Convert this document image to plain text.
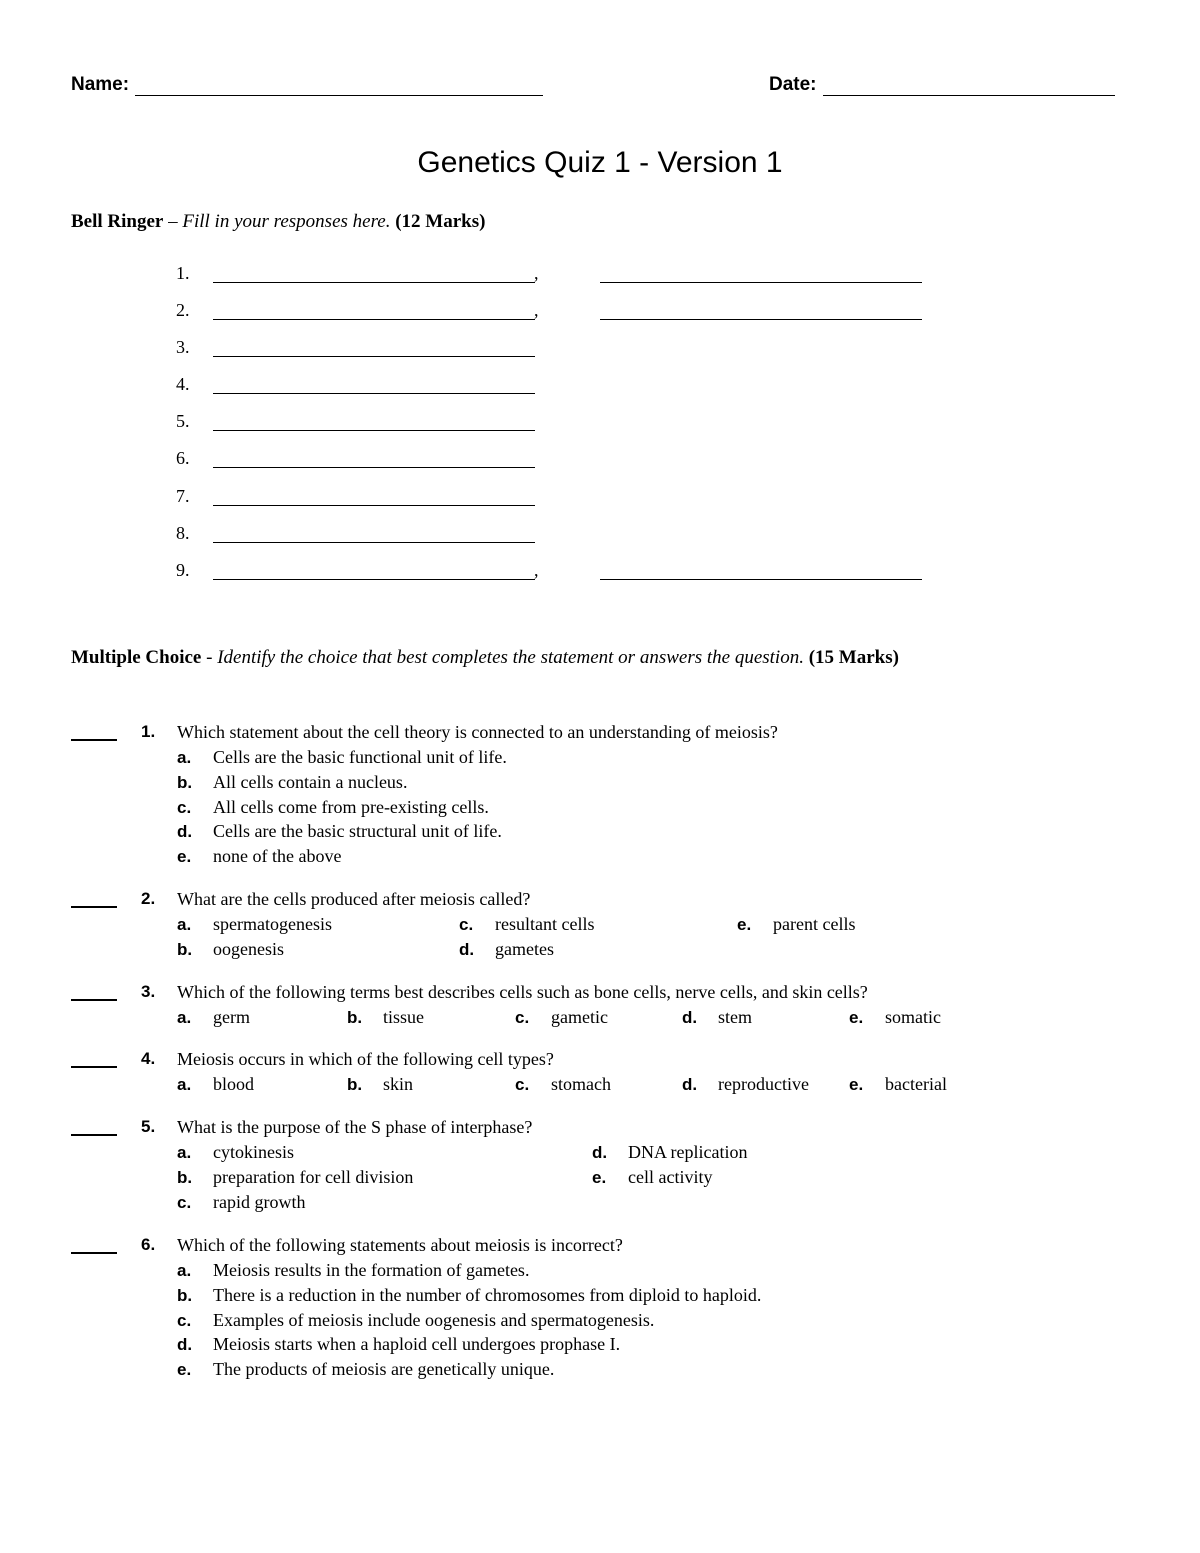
Name:	Date:
Genetics Quiz 1 - Version 1
Bell Ringer – Fill in your responses here. (12 Marks)
1.	,
2.	,
3.
4.
5.
6.
7.
8.
9.	,
Multiple Choice - Identify the choice that best completes the statement or answers the question. (15 Marks)
1. Which statement about the cell theory is connected to an understanding of meiosis?
a. Cells are the basic functional unit of life.
b. All cells contain a nucleus.
c. All cells come from pre-existing cells.
d. Cells are the basic structural unit of life.
e. none of the above
2. What are the cells produced after meiosis called?
a. spermatogenesis
b. oogenesis
c. resultant cells
d. gametes
e. parent cells
3. Which of the following terms best describes cells such as bone cells, nerve cells, and skin cells?
a. germ	b. tissue	c. gametic	d. stem	e. somatic
4. Meiosis occurs in which of the following cell types?
a. blood	b. skin	c. stomach	d. reproductive e. bacterial
5. What is the purpose of the S phase of interphase?
a. cytokinesis
b. preparation for cell division
c. rapid growth
d. DNA replication
e. cell activity
6. Which of the following statements about meiosis is incorrect?
a. Meiosis results in the formation of gametes.
b. There is a reduction in the number of chromosomes from diploid to haploid.
c. Examples of meiosis include oogenesis and spermatogenesis.
d. Meiosis starts when a haploid cell undergoes prophase I.
e. The products of meiosis are genetically unique.
